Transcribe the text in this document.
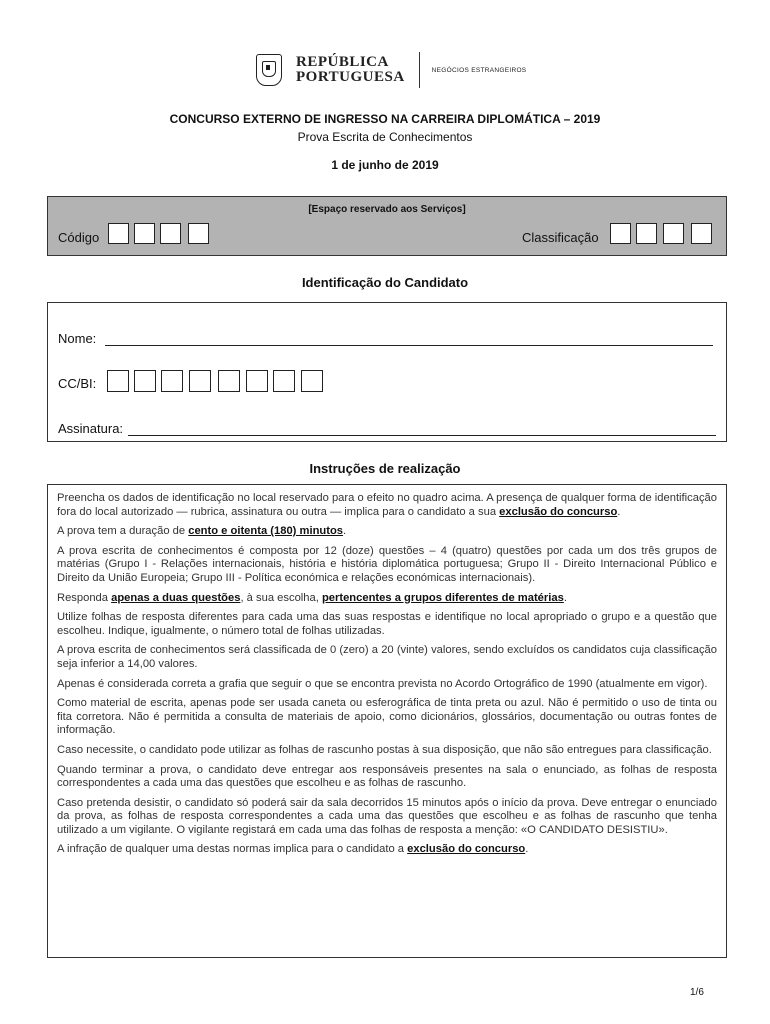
REPÚBLICA
PORTUGUESA	NEGÓCIOS ESTRANGEIROS
CONCURSO EXTERNO DE INGRESSO NA CARREIRA DIPLOMÁTICA – 2019
Prova Escrita de Conhecimentos
1 de junho de 2019
[Espaço reservado aos Serviços]
Código	Classificação
Identificação do Candidato
Nome:
CC/BI:
Assinatura:
Instruções de realização

Preencha os dados de identificação no local reservado para o efeito no quadro acima. A presença de qualquer forma de identificação fora do local autorizado — rubrica, assinatura ou outra — implica para o candidato a sua exclusão do concurso.

A prova tem a duração de cento e oitenta (180) minutos.

A prova escrita de conhecimentos é composta por 12 (doze) questões – 4 (quatro) questões por cada um dos três grupos de matérias (Grupo I - Relações internacionais, história e história diplomática portuguesa; Grupo II - Direito Internacional Público e Direito da União Europeia; Grupo III - Política económica e relações económicas internacionais).

Responda apenas a duas questões, à sua escolha, pertencentes a grupos diferentes de matérias.

Utilize folhas de resposta diferentes para cada uma das suas respostas e identifique no local apropriado o grupo e a questão que escolheu. Indique, igualmente, o número total de folhas utilizadas.

A prova escrita de conhecimentos será classificada de 0 (zero) a 20 (vinte) valores, sendo excluídos os candidatos cuja classificação seja inferior a 14,00 valores.

Apenas é considerada correta a grafia que seguir o que se encontra prevista no Acordo Ortográfico de 1990 (atualmente em vigor).

Como material de escrita, apenas pode ser usada caneta ou esferográfica de tinta preta ou azul. Não é permitido o uso de tinta ou fita corretora. Não é permitida a consulta de materiais de apoio, como dicionários, glossários, documentação ou outras fontes de informação.

Caso necessite, o candidato pode utilizar as folhas de rascunho postas à sua disposição, que não são entregues para classificação.

Quando terminar a prova, o candidato deve entregar aos responsáveis presentes na sala o enunciado, as folhas de resposta correspondentes a cada uma das questões que escolheu e as folhas de rascunho.

Caso pretenda desistir, o candidato só poderá sair da sala decorridos 15 minutos após o início da prova. Deve entregar o enunciado da prova, as folhas de resposta correspondentes a cada uma das questões que escolheu e as folhas de rascunho que tenha utilizado a um vigilante. O vigilante registará em cada uma das folhas de resposta a menção: «O CANDIDATO DESISTIU».

A infração de qualquer uma destas normas implica para o candidato a exclusão do concurso.

1/6
